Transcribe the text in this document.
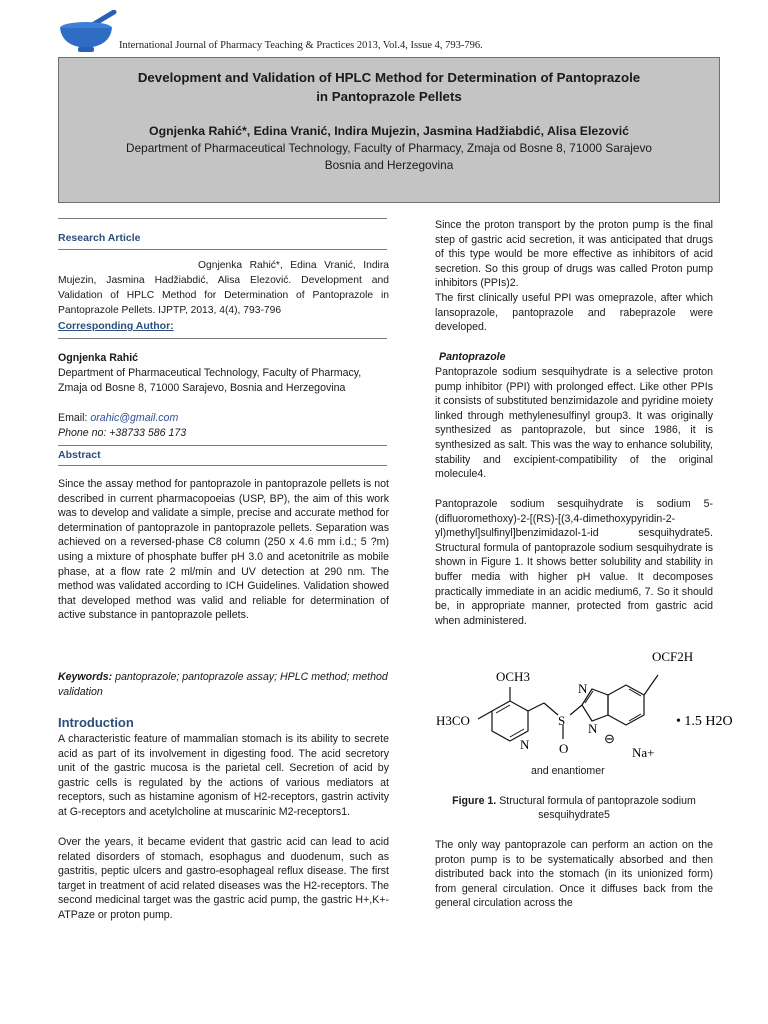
International Journal of Pharmacy Teaching & Practices 2013, Vol.4, Issue 4, 793-796.
Development and Validation of HPLC Method for Determination of Pantoprazole
in Pantoprazole Pellets
Ognjenka Rahić*, Edina Vranić, Indira Mujezin, Jasmina Hadžiabdić, Alisa Elezović
Department of Pharmaceutical Technology, Faculty of Pharmacy, Zmaja od Bosne 8, 71000 Sarajevo
Bosnia and Herzegovina
Research Article
Ognjenka Rahić*, Edina Vranić, Indira Mujezin, Jasmina Hadžiabdić, Alisa Elezović. Development and Validation of HPLC Method for Determination of Pantoprazole in Pantoprazole Pellets. IJPTP, 2013, 4(4), 793-796
Corresponding Author:
Ognjenka Rahić
Department of Pharmaceutical Technology, Faculty of Pharmacy, Zmaja od Bosne 8, 71000 Sarajevo, Bosnia and Herzegovina
Email: orahic@gmail.com
Phone no: +38733 586 173
Abstract
Since the assay method for pantoprazole in pantoprazole pellets is not described in current pharmacopoeias (USP, BP), the aim of this work was to develop and validate a simple, precise and accurate method for determination of pantoprazole in pantoprazole pellets. Separation was achieved on a reversed-phase C8 column (250 x 4.6 mm i.d.; 5 ?m) using a mixture of phosphate buffer pH 3.0 and acetonitrile as mobile phase, at a flow rate 2 ml/min and UV detection at 290 nm. The method was validated according to ICH Guidelines. Validation showed that developed method was valid and reliable for determination of active substance in pantoprazole pellets.
Keywords: pantoprazole; pantoprazole assay; HPLC method; method validation
Introduction
A characteristic feature of mammalian stomach is its ability to secrete acid as part of its involvement in digesting food. The acid secretory unit of the gastric mucosa is the parietal cell. Secretion of acid by gastric cells is regulated by the actions of various mediators at receptors, such as histamine agonism of H2-receptors, gastrin activity at G-receptors and acetylcholine at muscarinic M2-receptors1.
Over the years, it became evident that gastric acid can lead to acid related disorders of stomach, esophagus and duodenum, such as gastritis, peptic ulcers and gastro-esophageal reflux disease. The first target in treatment of acid related diseases was the H2-receptors. The second medicinal target was the gastric acid pump, the gastric H+,K+-ATPaze or proton pump.
Since the proton transport by the proton pump is the final step of gastric acid secretion, it was anticipated that drugs of this type would be more effective as inhibitors of acid secretion. So this group of drugs was called Proton pump inhibitors (PPIs)2.
The first clinically useful PPI was omeprazole, after which lansoprazole, pantoprazole and rabeprazole were developed.
Pantoprazole
Pantoprazole sodium sesquihydrate is a selective proton pump inhibitor (PPI) with prolonged effect. Like other PPIs it consists of substituted benzimidazole and pyridine moiety linked through methylenesulfinyl group3. It was originally synthesized as pantoprazole, but since 1986, it is synthesized as salt. This was the way to enhance solubility, stability and excipient-compatibility of the original molecule4.
Pantoprazole sodium sesquihydrate is sodium 5-(difluoromethoxy)-2-[(RS)-[(3,4-dimethoxypyridin-2-yl)methyl]sulfinyl]benzimidazol-1-id sesquihydrate5. Structural formula of pantoprazole sodium sesquihydrate is shown in Figure 1. It shows better solubility and stability in buffer media with higher pH value. It decomposes practically immediate in an acidic medium6, 7. So it should be, in appropriate manner, protected from gastric acid when administered.
OCF2H
OCH3
H3CO
N
S
O
N
N
⊖
Na+
• 1.5 H2O
and enantiomer
Figure 1. Structural formula of pantoprazole sodium sesquihydrate5
The only way pantoprazole can perform an action on the proton pump is to be systematically absorbed and then distributed back into the stomach (in its unionized form) from general circulation. Once it diffuses back from the general circulation across the
